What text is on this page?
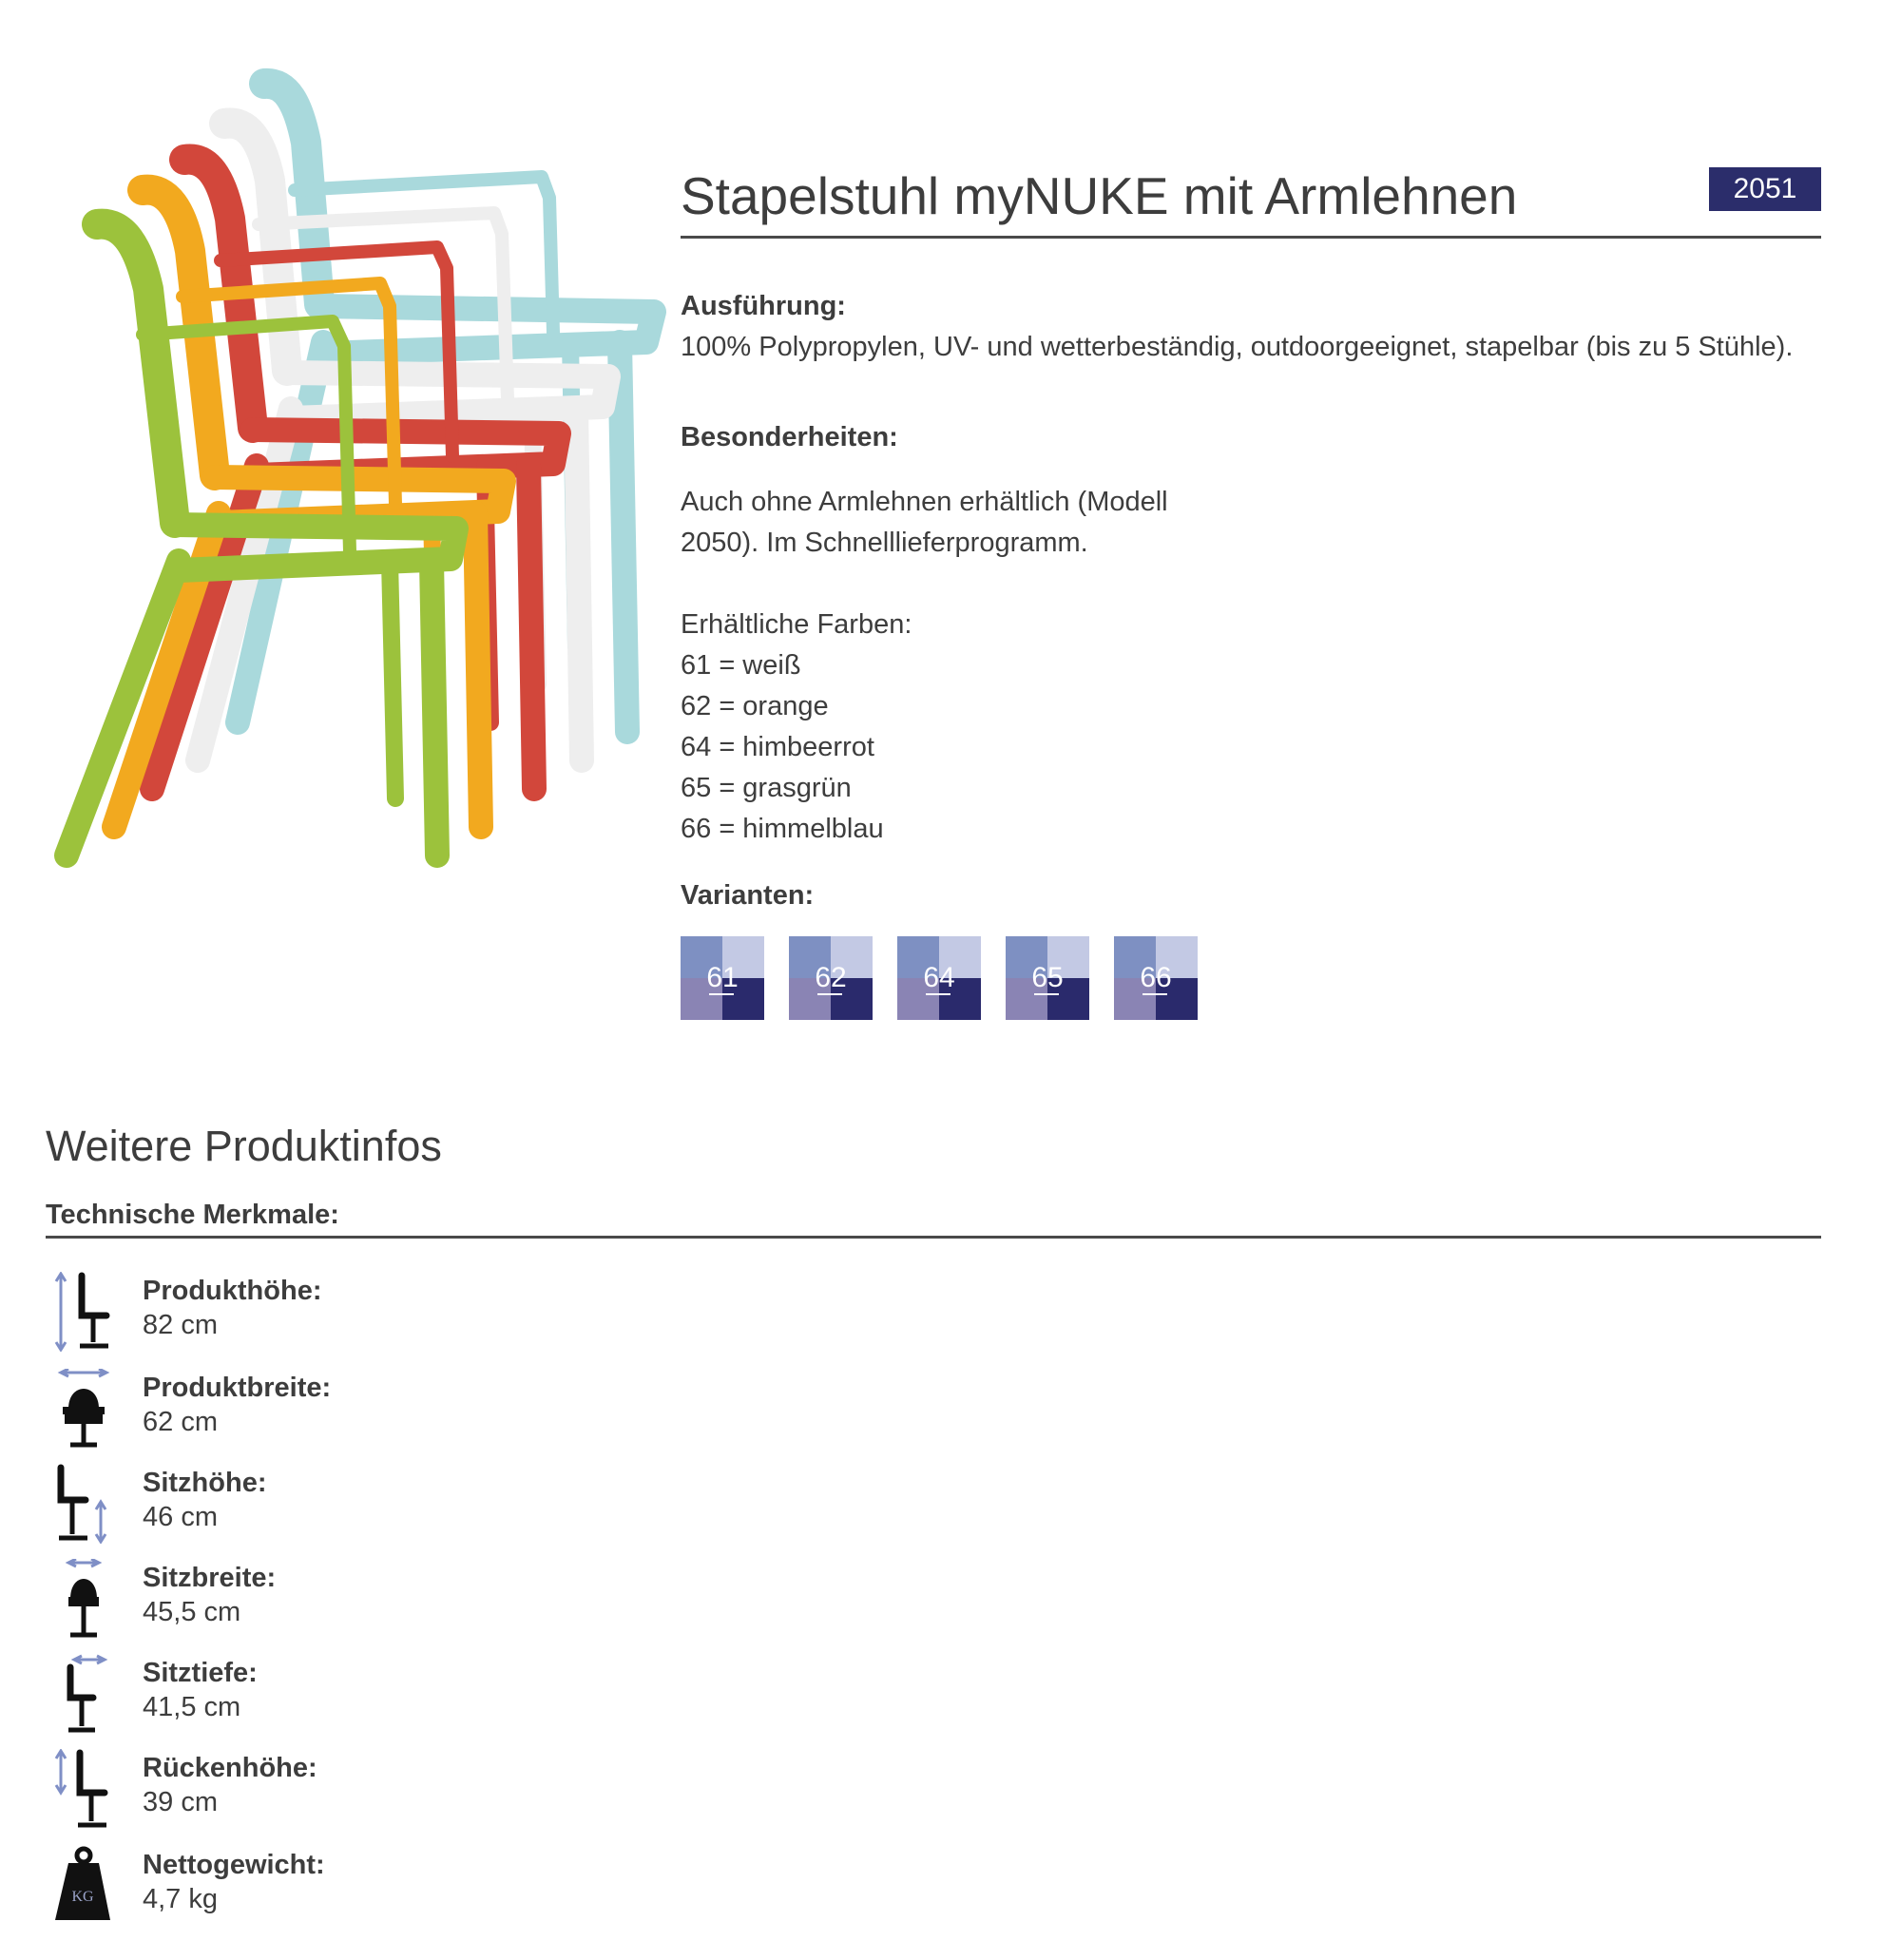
Stapelstuhl myNUKE mit Armlehnen	2051
Ausführung:
100% Polypropylen, UV- und wetterbeständig, outdoorgeeignet, stapelbar (bis zu 5 Stühle).
Besonderheiten:
Auch ohne Armlehnen erhältlich (Modell
2050). Im Schnelllieferprogramm.
Erhältliche Farben:
61 = weiß
62 = orange
64 = himbeerrot
65 = grasgrün
66 = himmelblau
Varianten:
61	62	64	65	66
Weitere Produktinfos
Technische Merkmale:
Produkthöhe:
82 cm
Produktbreite:
62 cm
Sitzhöhe:
46 cm
Sitzbreite:
45,5 cm
Sitztiefe:
41,5 cm
Rückenhöhe:
39 cm
KG
Nettogewicht:
4,7 kg
